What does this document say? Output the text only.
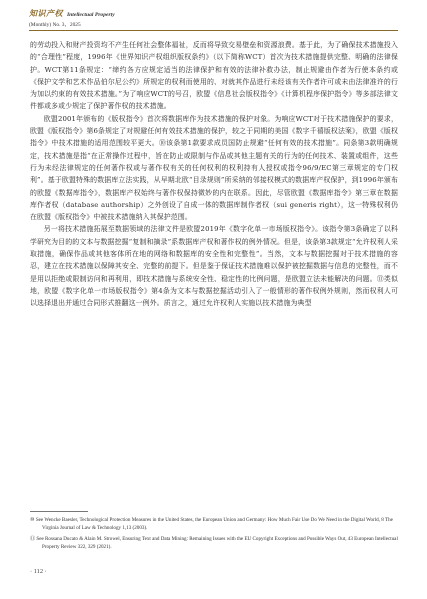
知识产权 Intellectual Property
(Monthly) No. 3，2025

的劳动投入和财产投资均不产生任何社会整体福祉，反而将导致交易壁垒和资源浪费。基于此，为了确保技术措施投入的“合理性”程度，1996年《世界知识产权组织版权条约》（以下简称WCT）首次为技术措施提供完整、明确的法律保护。WCT第11条规定：“缔约各方应规定适当的法律保护和有效的法律补救办法，制止规避由作者为行使本条约或《保护文学和艺术作品伯尔尼公约》所规定的权利而使用的、对就其作品进行未经该有关作者许可或未由法律准许的行为加以约束的有效技术措施。”为了响应WCT的号召，欧盟《信息社会版权指令》《计算机程序保护指令》等多部法律文件都或多或少规定了保护著作权的技术措施。

欧盟2001年颁布的《版权指令》首次将数据库作为技术措施的保护对象。为响应WCT对于技术措施保护的要求，欧盟《版权指令》第6条规定了对规避任何有效技术措施的保护，较之于同期的美国《数字千禧版权法案》，欧盟《版权指令》中技术措施的适用范围较平更大。⑩该条第1款要求成员国防止规避“任何有效的技术措施”。同条第3款明确规定，技术措施是指“在正常操作过程中，旨在防止或限制与作品或其他主题有关的行为的任何技术、装置或组件，这些行为未经法律规定的任何著作权或与著作权有关的任何权利的权利持有人授权或指令96/9/EC第三章规定的专门权利”。基于欧盟特殊的数据库立法实践，从早期北欧“目录规则”所采纳的邻接权模式的数据库产权保护，到1996年颁布的欧盟《数据库指令》，数据库产权始终与著作权保持微妙的内在联系。因此，尽管欧盟《数据库指令》第三章在数据库作者权（database authorship）之外创设了自成一体的数据库制作者权（sui generis right），这一特殊权利仍在欧盟《版权指令》中被技术措施纳入其保护范围。

另一将技术措施拓展至数据领域的法律文件是欧盟2019年《数字化单一市场版权指令》。该指令第3条确定了以科学研究为目的的文本与数据挖掘“复制和摘录”系数据库产权和著作权的例外情况。但是，该条第3款规定“允许权利人采取措施，确保作品或其他客体所在地的网络和数据库的安全性和完整性”。当然，文本与数据挖掘对于技术措施的容忍，建立在技术措施以保障其安全、完整的前提下。但是鉴于保证技术措施难以保护被挖掘数据与信息的完整性，而不是用以拒绝或限制访问和再利用，即技术措施与系统安全性、稳定性的比例问题，是欧盟立法未能解决的问题。⑪类似地，欧盟《数字化单一市场版权指令》第4条为文本与数据挖掘活动引入了一般情形的著作权例外规则，然而权利人可以选择退出并通过合同形式推翻这一例外。质言之，通过允许权利人实施以技术措施为典型

⑩ See Wencke Baesler, Technological Protection Measures in the United States, the European Union and Germany: How Much Fair Use Do We Need in the Digital World, 8 The Virginia Journal of Law & Technology 1,13 (2003).

⑪ See Rossana Ducato & Alain M. Strowel, Ensuring Text and Data Mining: Remaining Issues with the EU Copyright Exceptions and Possible Ways Out, 43 European Intellectual Property Review 322, 329 (2021).

· 112 ·
